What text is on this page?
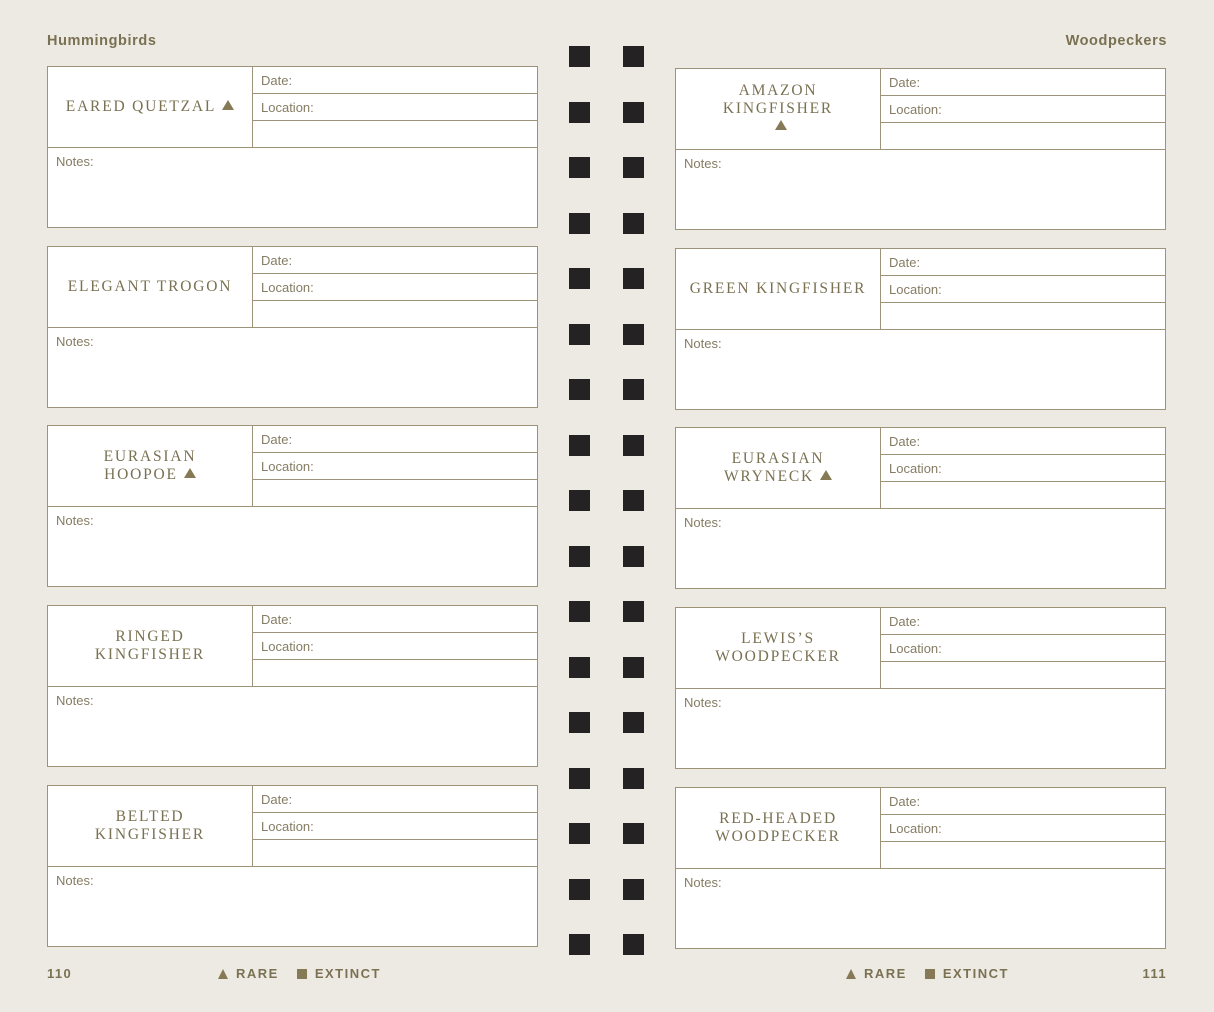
Hummingbirds	Woodpeckers
EARED QUETZAL
Date:
Location:
Notes:
ELEGANT TROGON
Date:
Location:
Notes:
EURASIAN HOOPOE
Date:
Location:
Notes:
RINGED KINGFISHER
Date:
Location:
Notes:
BELTED KINGFISHER
Date:
Location:
Notes:
AMAZON KINGFISHER
Date:
Location:
Notes:
GREEN KINGFISHER
Date:
Location:
Notes:
EURASIAN WRYNECK
Date:
Location:
Notes:
LEWIS’S WOODPECKER
Date:
Location:
Notes:
RED-HEADED WOODPECKER
Date:
Location:
Notes:
110	RARE	EXTINCT	RARE	EXTINCT	111
